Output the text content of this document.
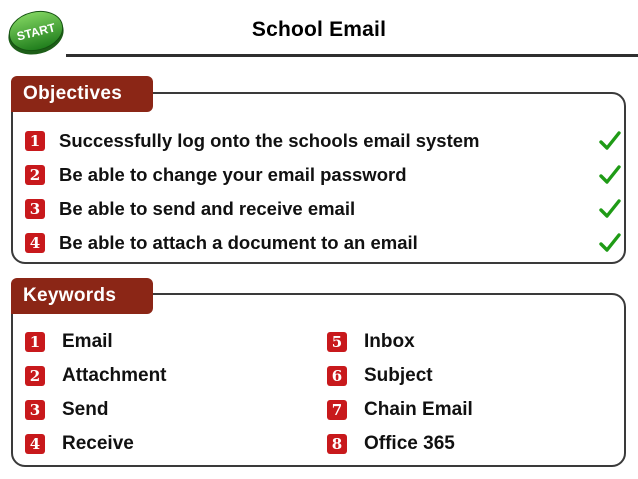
START	School Email
1 Successfully log onto the schools email system
2 Be able to change your email password
3 Be able to send and receive email
4 Be able to attach a document to an email
Objectives
1 Email
2 Attachment
3 Send
4 Receive
5 Inbox
6 Subject
7 Chain Email
8 Office 365
Keywords
